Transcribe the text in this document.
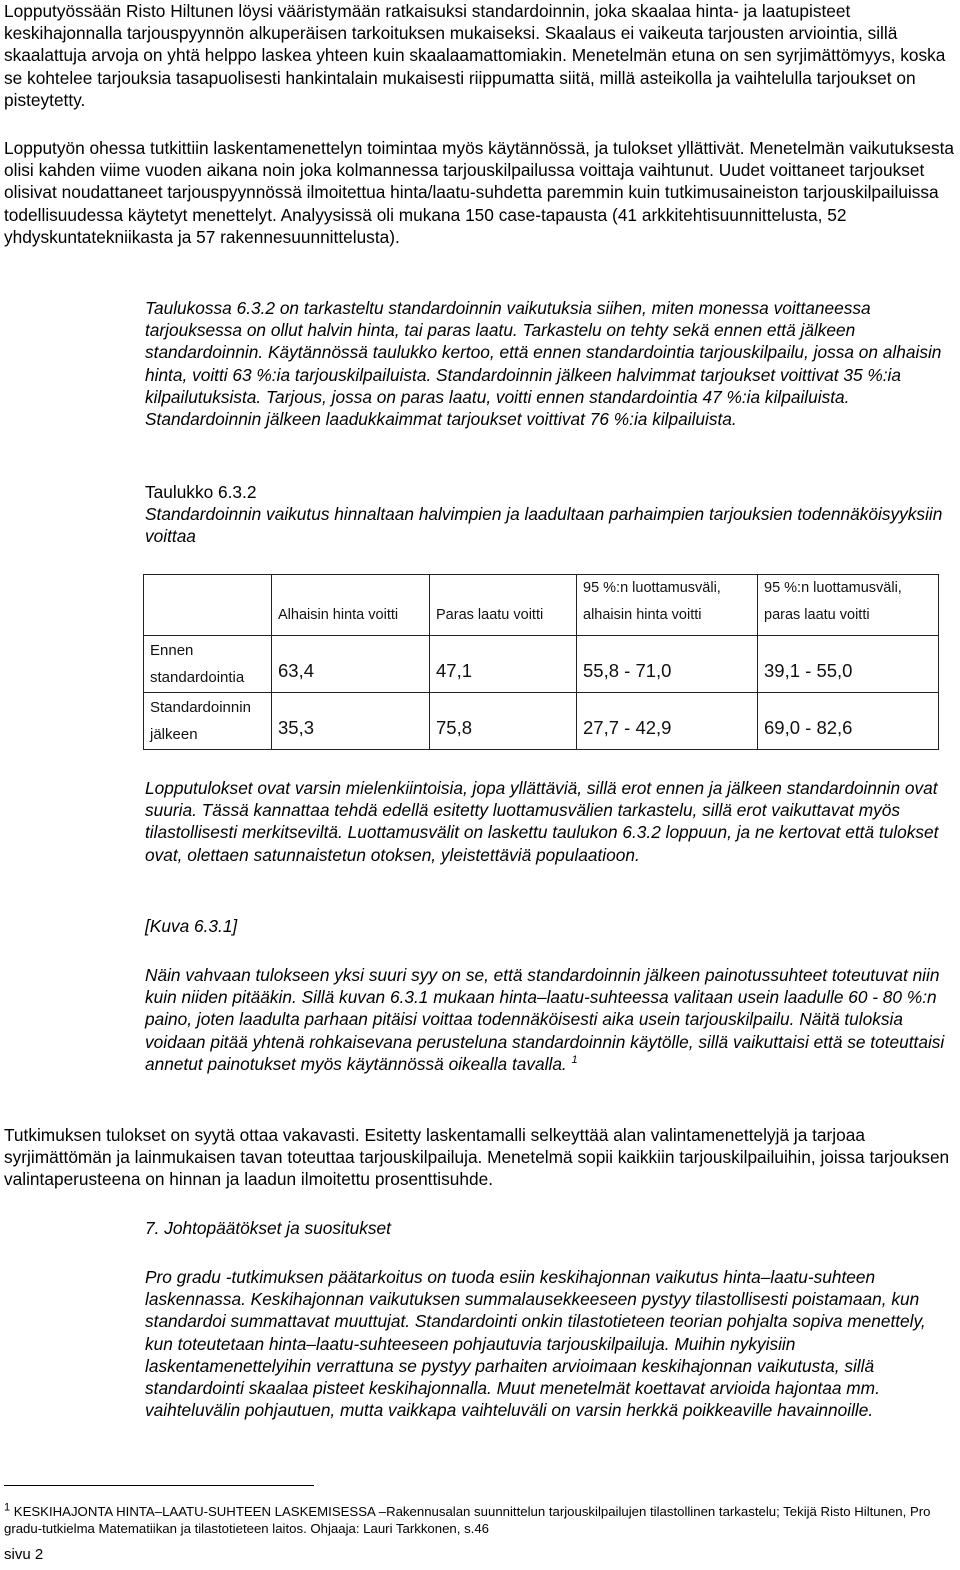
Lopputyössään Risto Hiltunen löysi vääristymään ratkaisuksi standardoinnin, joka skaalaa hinta- ja laatupisteet keskihajonnalla tarjouspyynnön alkuperäisen tarkoituksen mukaiseksi. Skaalaus ei vaikeuta tarjousten arviointia, sillä skaalattuja arvoja on yhtä helppo laskea yhteen kuin skaalaamattomiakin. Menetelmän etuna on sen syrjimättömyys, koska se kohtelee tarjouksia tasapuolisesti hankintalain mukaisesti riippumatta siitä, millä asteikolla ja vaihtelulla tarjoukset on pisteytetty.
Lopputyön ohessa tutkittiin laskentamenettelyn toimintaa myös käytännössä, ja tulokset yllättivät. Menetelmän vaikutuksesta olisi kahden viime vuoden aikana noin joka kolmannessa tarjouskilpailussa voittaja vaihtunut. Uudet voittaneet tarjoukset olisivat noudattaneet tarjouspyynnössä ilmoitettua hinta/laatu-suhdetta paremmin kuin tutkimusaineiston tarjouskilpailuissa todellisuudessa käytetyt menettelyt. Analyysissä oli mukana 150 case-tapausta (41 arkkitehtisuunnittelusta, 52 yhdyskuntatekniikasta ja 57 rakennesuunnittelusta).
Taulukossa 6.3.2 on tarkasteltu standardoinnin vaikutuksia siihen, miten monessa voittaneessa tarjouksessa on ollut halvin hinta, tai paras laatu. Tarkastelu on tehty sekä ennen että jälkeen standardoinnin. Käytännössä taulukko kertoo, että ennen standardointia tarjouskilpailu, jossa on alhaisin hinta, voitti 63 %:ia tarjouskilpailuista. Standardoinnin jälkeen halvimmat tarjoukset voittivat 35 %:ia kilpailutuksista. Tarjous, jossa on paras laatu, voitti ennen standardointia 47 %:ia kilpailuista. Standardoinnin jälkeen laadukkaimmat tarjoukset voittivat 76 %:ia kilpailuista.
Taulukko 6.3.2
Standardoinnin vaikutus hinnaltaan halvimpien ja laadultaan parhaimpien tarjouksien todennäköisyyksiin voittaa
	Alhaisin hinta voitti	Paras laatu voitti	95 %:n luottamusväli, alhaisin hinta voitti	95 %:n luottamusväli, paras laatu voitti
Ennen standardointia	63,4	47,1	55,8 - 71,0	39,1 - 55,0
Standardoinnin jälkeen	35,3	75,8	27,7 - 42,9	69,0 - 82,6
Lopputulokset ovat varsin mielenkiintoisia, jopa yllättäviä, sillä erot ennen ja jälkeen standardoinnin ovat suuria. Tässä kannattaa tehdä edellä esitetty luottamusvälien tarkastelu, sillä erot vaikuttavat myös tilastollisesti merkitseviltä. Luottamusvälit on laskettu taulukon 6.3.2 loppuun, ja ne kertovat että tulokset ovat, olettaen satunnaistetun otoksen, yleistettäviä populaatioon.
[Kuva 6.3.1]
Näin vahvaan tulokseen yksi suuri syy on se, että standardoinnin jälkeen painotussuhteet toteutuvat niin kuin niiden pitääkin. Sillä kuvan 6.3.1 mukaan hinta–laatu-suhteessa valitaan usein laadulle 60 - 80 %:n paino, joten laadulta parhaan pitäisi voittaa todennäköisesti aika usein tarjouskilpailu. Näitä tuloksia voidaan pitää yhtenä rohkaisevana perusteluna standardoinnin käytölle, sillä vaikuttaisi että se toteuttaisi annetut painotukset myös käytännössä oikealla tavalla. $^1$
Tutkimuksen tulokset on syytä ottaa vakavasti. Esitetty laskentamalli selkeyttää alan valintamenettelyjä ja tarjoaa syrjimättömän ja lainmukaisen tavan toteuttaa tarjouskilpailuja. Menetelmä sopii kaikkiin tarjouskilpailuihin, joissa tarjouksen valintaperusteena on hinnan ja laadun ilmoitettu prosenttisuhde.
7. Johtopäätökset ja suositukset
Pro gradu -tutkimuksen päätarkoitus on tuoda esiin keskihajonnan vaikutus hinta–laatu-suhteen laskennassa. Keskihajonnan vaikutuksen summalausekkeeseen pystyy tilastollisesti poistamaan, kun standardoi summattavat muuttujat. Standardointi onkin tilastotieteen teorian pohjalta sopiva menettely, kun toteutetaan hinta–laatu-suhteeseen pohjautuvia tarjouskilpailuja. Muihin nykyisiin laskentamenettelyihin verrattuna se pystyy parhaiten arvioimaan keskihajonnan vaikutusta, sillä standardointi skaalaa pisteet keskihajonnalla. Muut menetelmät koettavat arvioida hajontaa mm. vaihteluvälin pohjautuen, mutta vaikkapa vaihteluväli on varsin herkkä poikkeaville havainnoille.
$^1$ KESKIHAJONTA HINTA–LAATU-SUHTEEN LASKEMISESSA –Rakennusalan suunnittelun tarjouskilpailujen tilastollinen tarkastelu; Tekijä Risto Hiltunen, Pro gradu-tutkielma Matematiikan ja tilastotieteen laitos. Ohjaaja: Lauri Tarkkonen, s.46
sivu 2
